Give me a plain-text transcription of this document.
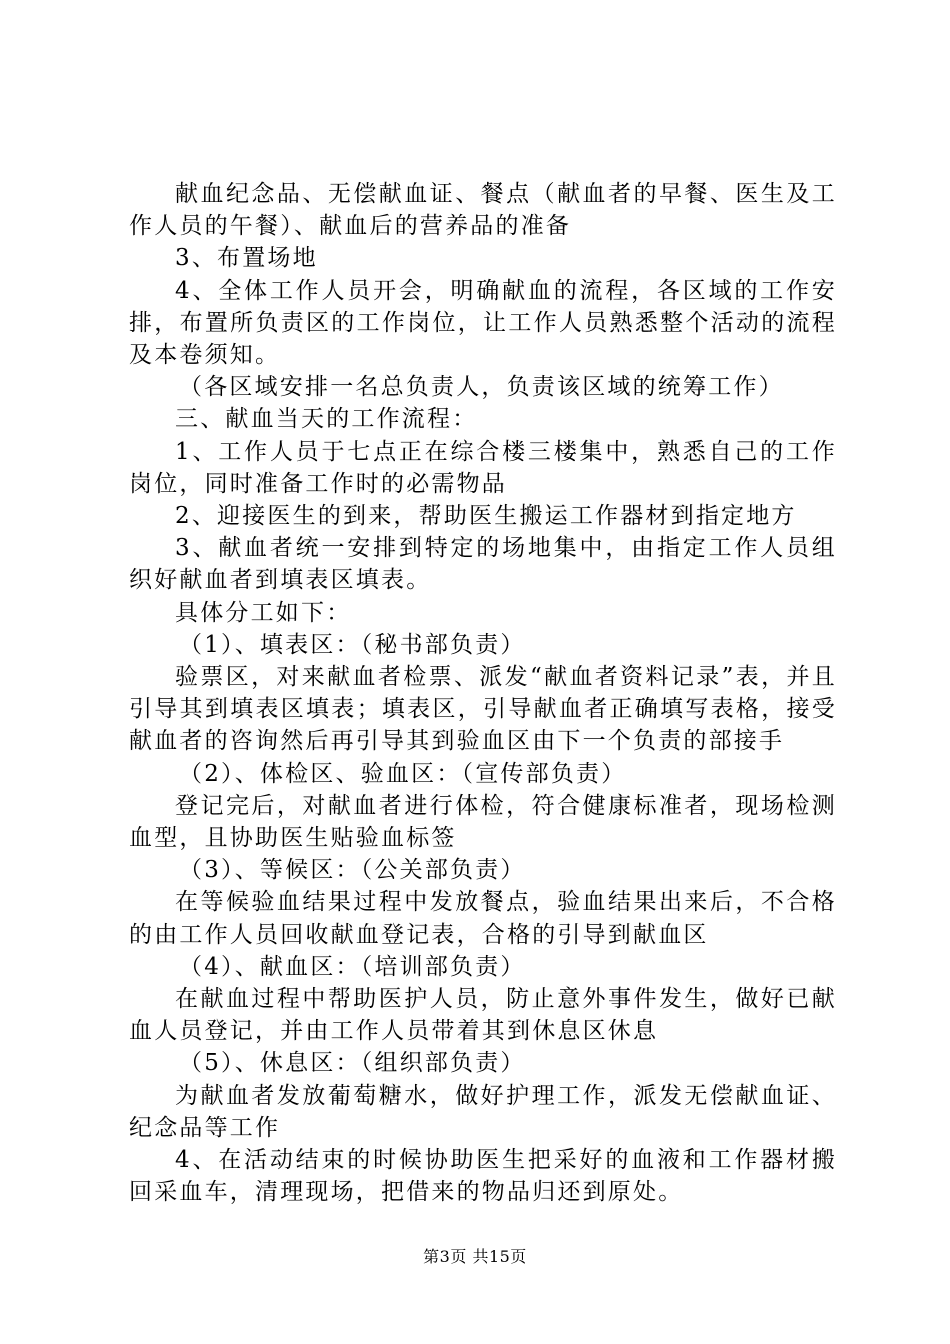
献血纪念品、无偿献血证、餐点（献血者的早餐、医生及工作人员的午餐）、献血后的营养品的准备

3、布置场地

4、全体工作人员开会，明确献血的流程，各区域的工作安排，布置所负责区的工作岗位，让工作人员熟悉整个活动的流程及本卷须知。

（各区域安排一名总负责人，负责该区域的统筹工作）

三、献血当天的工作流程：

1、工作人员于七点正在综合楼三楼集中，熟悉自己的工作岗位，同时准备工作时的必需物品

2、迎接医生的到来，帮助医生搬运工作器材到指定地方

3、献血者统一安排到特定的场地集中，由指定工作人员组织好献血者到填表区填表。

具体分工如下：

（1）、填表区：（秘书部负责）

验票区，对来献血者检票、派发“献血者资料记录”表，并且引导其到填表区填表；填表区，引导献血者正确填写表格，接受献血者的咨询然后再引导其到验血区由下一个负责的部接手

（2）、体检区、验血区：（宣传部负责）

登记完后，对献血者进行体检，符合健康标准者，现场检测血型，且协助医生贴验血标签

（3）、等候区：（公关部负责）

在等候验血结果过程中发放餐点，验血结果出来后，不合格的由工作人员回收献血登记表，合格的引导到献血区

（4）、献血区：（培训部负责）

在献血过程中帮助医护人员，防止意外事件发生，做好已献血人员登记，并由工作人员带着其到休息区休息

（5）、休息区：（组织部负责）

为献血者发放葡萄糖水，做好护理工作，派发无偿献血证、纪念品等工作

4、在活动结束的时候协助医生把采好的血液和工作器材搬回采血车，清理现场，把借来的物品归还到原处。

第3页 共15页
